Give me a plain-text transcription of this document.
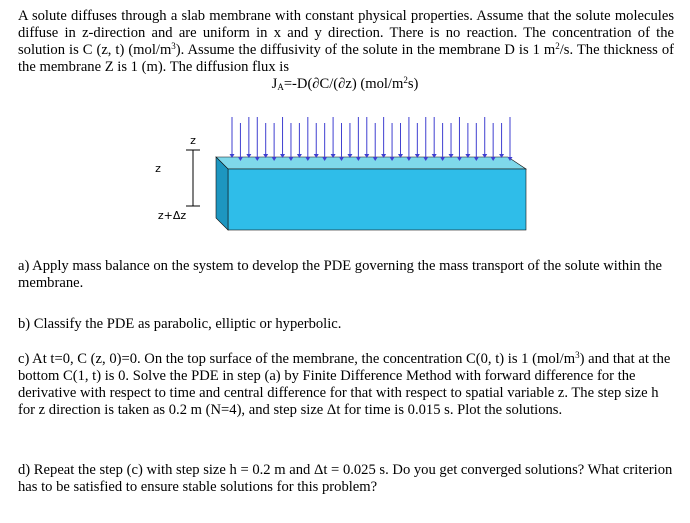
A solute diffuses through a slab membrane with constant physical properties. Assume that the solute molecules diffuse in z-direction and are uniform in x and y direction. There is no reaction. The concentration of the solution is C (z, t) $(mol/m^3)$. Assume the diffusivity of the solute in the membrane D is 1 $m^2/s$. The thickness of the membrane Z is 1 (m). The diffusion flux is

$J_A=-D(\partial C/(\partial z)$ $(mol/m^2s)$
z
z
z+Δz

a) Apply mass balance on the system to develop the PDE governing the mass transport of the solute within the membrane.

b) Classify the PDE as parabolic, elliptic or hyperbolic.

c) At t=0, C (z, 0)=0. On the top surface of the membrane, the concentration C(0, t) is 1 $(mol/m^3)$ and that at the bottom C(1, t) is 0. Solve the PDE in step (a) by Finite Difference Method with forward difference for the derivative with respect to time and central difference for that with respect to spatial variable z. The step size h for z direction is taken as 0.2 m (N=4), and step size Δt for time is 0.015 s. Plot the solutions.

d) Repeat the step (c) with step size h = 0.2 m and Δt = 0.025 s. Do you get converged solutions? What criterion has to be satisfied to ensure stable solutions for this problem?
